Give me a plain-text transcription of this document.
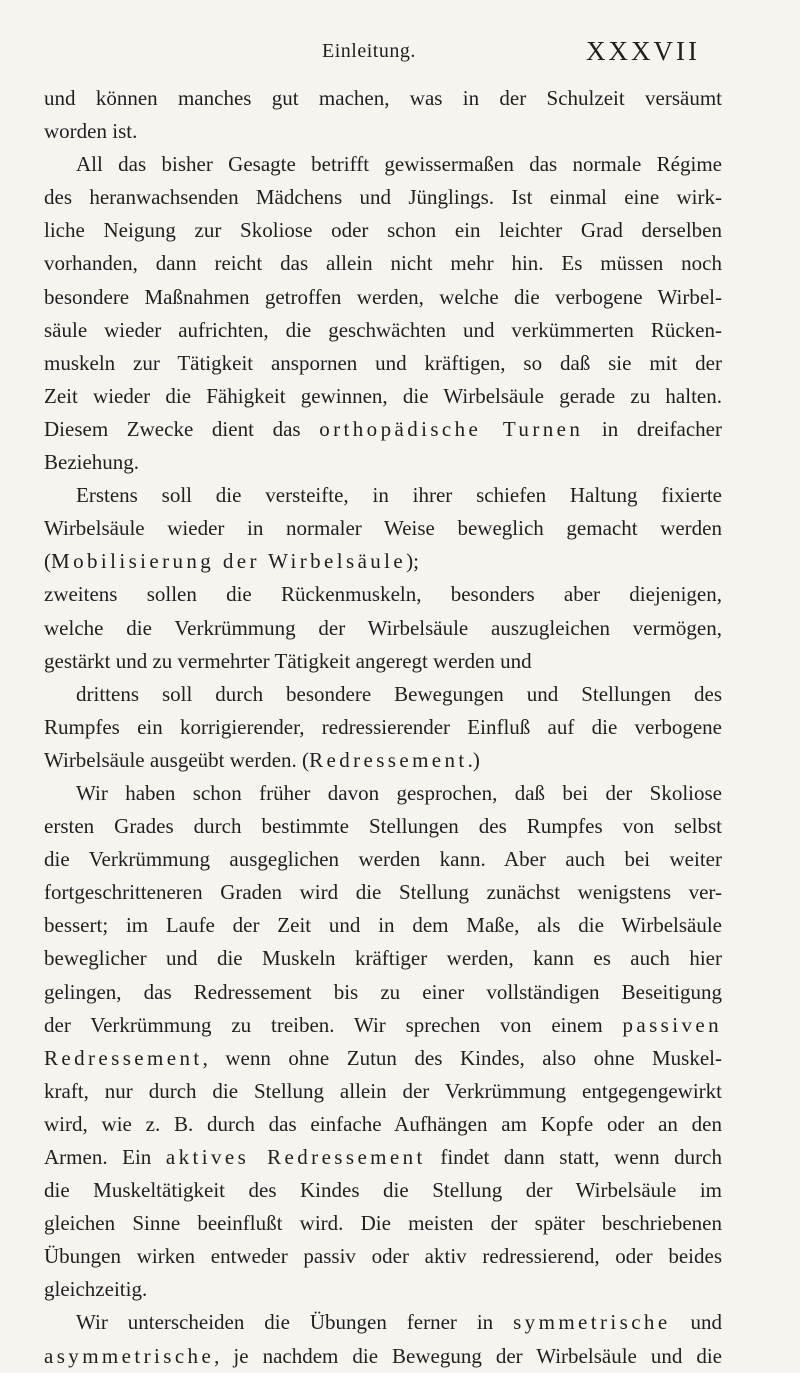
Einleitung.	XXXVII
und können manches gut machen, was in der Schulzeit versäumt
worden ist.
All das bisher Gesagte betrifft gewissermaßen das normale Régime
des heranwachsenden Mädchens und Jünglings. Ist einmal eine wirk-
liche Neigung zur Skoliose oder schon ein leichter Grad derselben
vorhanden, dann reicht das allein nicht mehr hin. Es müssen noch
besondere Maßnahmen getroffen werden, welche die verbogene Wirbel-
säule wieder aufrichten, die geschwächten und verkümmerten Rücken-
muskeln zur Tätigkeit anspornen und kräftigen, so daß sie mit der
Zeit wieder die Fähigkeit gewinnen, die Wirbelsäule gerade zu halten.
Diesem Zwecke dient das orthopädische Turnen in dreifacher
Beziehung.
Erstens soll die versteifte, in ihrer schiefen Haltung fixierte
Wirbelsäule wieder in normaler Weise beweglich gemacht werden
(Mobilisierung der Wirbelsäule);
zweitens sollen die Rückenmuskeln, besonders aber diejenigen,
welche die Verkrümmung der Wirbelsäule auszugleichen vermögen,
gestärkt und zu vermehrter Tätigkeit angeregt werden und
drittens soll durch besondere Bewegungen und Stellungen des
Rumpfes ein korrigierender, redressierender Einfluß auf die verbogene
Wirbelsäule ausgeübt werden. (Redressement.)
Wir haben schon früher davon gesprochen, daß bei der Skoliose
ersten Grades durch bestimmte Stellungen des Rumpfes von selbst
die Verkrümmung ausgeglichen werden kann. Aber auch bei weiter
fortgeschritteneren Graden wird die Stellung zunächst wenigstens ver-
bessert; im Laufe der Zeit und in dem Maße, als die Wirbelsäule
beweglicher und die Muskeln kräftiger werden, kann es auch hier
gelingen, das Redressement bis zu einer vollständigen Beseitigung
der Verkrümmung zu treiben. Wir sprechen von einem passiven
Redressement, wenn ohne Zutun des Kindes, also ohne Muskel-
kraft, nur durch die Stellung allein der Verkrümmung entgegengewirkt
wird, wie z. B. durch das einfache Aufhängen am Kopfe oder an den
Armen. Ein aktives Redressement findet dann statt, wenn durch
die Muskeltätigkeit des Kindes die Stellung der Wirbelsäule im
gleichen Sinne beeinflußt wird. Die meisten der später beschriebenen
Übungen wirken entweder passiv oder aktiv redressierend, oder beides
gleichzeitig.
Wir unterscheiden die Übungen ferner in symmetrische und
asymmetrische, je nachdem die Bewegung der Wirbelsäule und die
